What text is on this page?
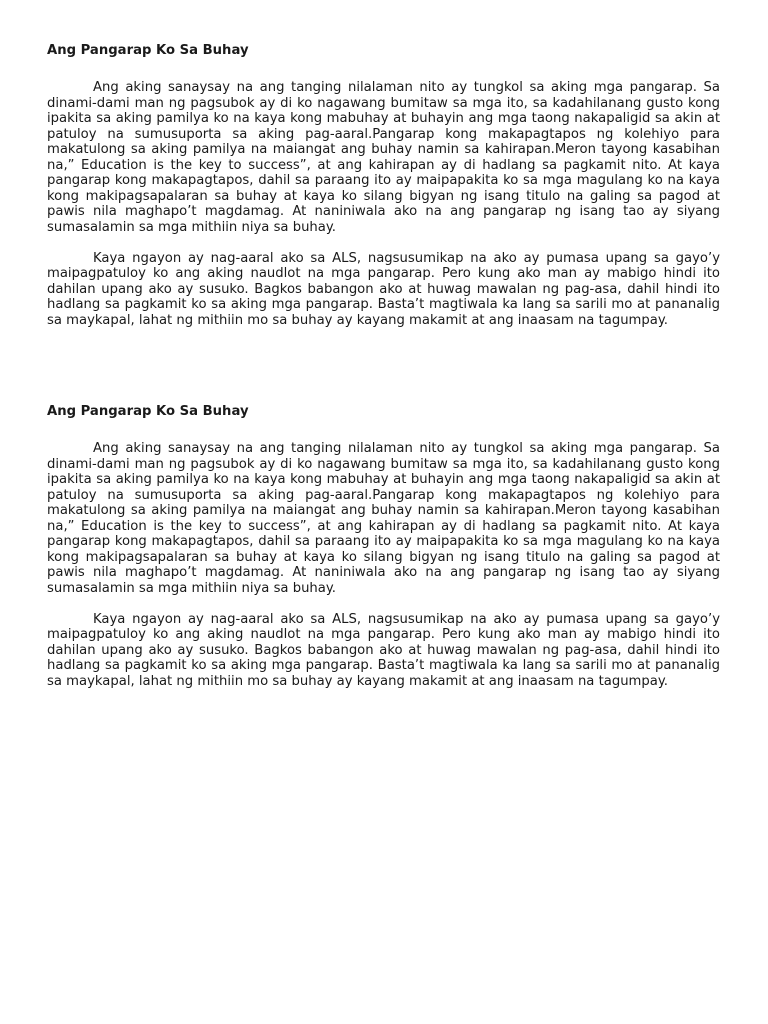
Ang Pangarap Ko Sa Buhay

Ang aking sanaysay na ang tanging nilalaman nito ay tungkol sa aking mga pangarap. Sa dinami-dami man ng pagsubok ay di ko nagawang bumitaw sa mga ito, sa kadahilanang gusto kong ipakita sa aking pamilya ko na kaya kong mabuhay at buhayin ang mga taong nakapaligid sa akin at patuloy na sumusuporta sa aking pag-aaral.Pangarap kong makapagtapos ng kolehiyo para makatulong sa aking pamilya na maiangat ang buhay namin sa kahirapan.Meron tayong kasabihan na,” Education is the key to success”, at ang kahirapan ay di hadlang sa pagkamit nito. At kaya pangarap kong makapagtapos, dahil sa paraang ito ay maipapakita ko sa mga magulang ko na kaya kong makipagsapalaran sa buhay at kaya ko silang bigyan ng isang titulo na galing sa pagod at pawis nila maghapo’t magdamag. At naniniwala ako na ang pangarap ng isang tao ay siyang sumasalamin sa mga mithiin niya sa buhay.

Kaya ngayon ay nag-aaral ako sa ALS, nagsusumikap na ako ay pumasa upang sa gayo’y maipagpatuloy ko ang aking naudlot na mga pangarap. Pero kung ako man ay mabigo hindi ito dahilan upang ako ay susuko. Bagkos babangon ako at huwag mawalan ng pag-asa, dahil hindi ito hadlang sa pagkamit ko sa aking mga pangarap. Basta’t magtiwala ka lang sa sarili mo at pananalig sa maykapal, lahat ng mithiin mo sa buhay ay kayang makamit at ang inaasam na tagumpay.

Ang Pangarap Ko Sa Buhay

Ang aking sanaysay na ang tanging nilalaman nito ay tungkol sa aking mga pangarap. Sa dinami-dami man ng pagsubok ay di ko nagawang bumitaw sa mga ito, sa kadahilanang gusto kong ipakita sa aking pamilya ko na kaya kong mabuhay at buhayin ang mga taong nakapaligid sa akin at patuloy na sumusuporta sa aking pag-aaral.Pangarap kong makapagtapos ng kolehiyo para makatulong sa aking pamilya na maiangat ang buhay namin sa kahirapan.Meron tayong kasabihan na,” Education is the key to success”, at ang kahirapan ay di hadlang sa pagkamit nito. At kaya pangarap kong makapagtapos, dahil sa paraang ito ay maipapakita ko sa mga magulang ko na kaya kong makipagsapalaran sa buhay at kaya ko silang bigyan ng isang titulo na galing sa pagod at pawis nila maghapo’t magdamag. At naniniwala ako na ang pangarap ng isang tao ay siyang sumasalamin sa mga mithiin niya sa buhay.

Kaya ngayon ay nag-aaral ako sa ALS, nagsusumikap na ako ay pumasa upang sa gayo’y maipagpatuloy ko ang aking naudlot na mga pangarap. Pero kung ako man ay mabigo hindi ito dahilan upang ako ay susuko. Bagkos babangon ako at huwag mawalan ng pag-asa, dahil hindi ito hadlang sa pagkamit ko sa aking mga pangarap. Basta’t magtiwala ka lang sa sarili mo at pananalig sa maykapal, lahat ng mithiin mo sa buhay ay kayang makamit at ang inaasam na tagumpay.
